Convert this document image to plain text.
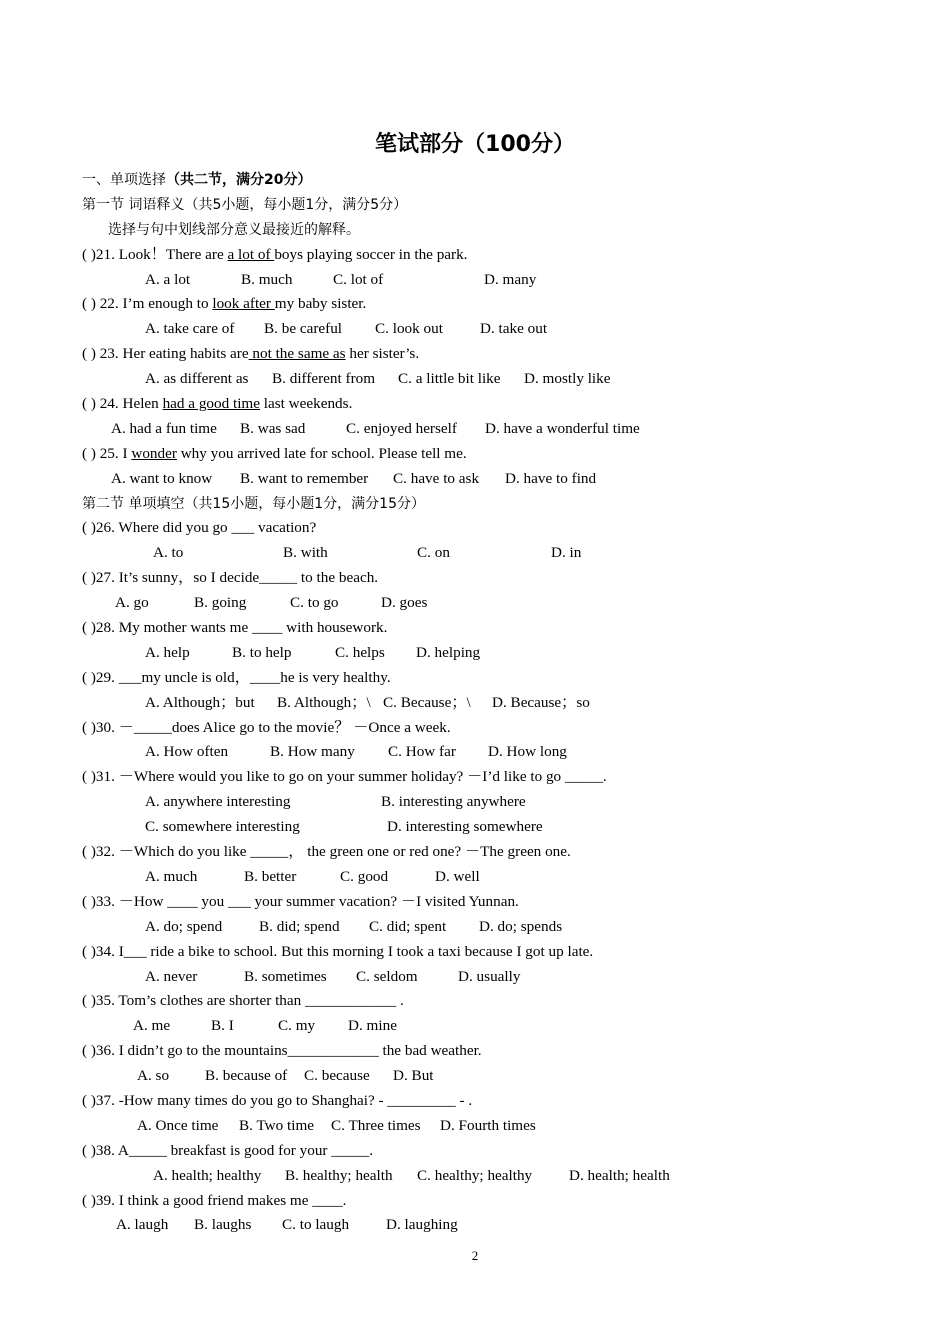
笔试部分（100分）
一、单项选择（共二节，满分20分）
第一节 词语释义（共5小题，每小题1分，满分5分）
选择与句中划线部分意义最接近的解释。
( )21. Look！There are a lot of boys playing soccer in the park.
A. a lot	B. much	C. lot of	D. many
( ) 22. I’m enough to look after my baby sister.
A. take care of B. be careful C. look out D. take out
( ) 23. Her eating habits are not the same as her sister’s.
A. as different as B. different from C. a little bit like D. mostly like
( ) 24. Helen had a good time last weekends.
A. had a fun time B. was sad	C. enjoyed herself D. have a wonderful time
( ) 25. I wonder why you arrived late for school. Please tell me.
A. want to know B. want to remember C. have to ask D. have to find
第二节 单项填空（共15小题，每小题1分，满分15分）
( )26. Where did you go ___ vacation?
A. to	B. with	C. on	D. in
( )27. It’s sunny，so I decide_____ to the beach.
A. go	B. going	C. to go	D. goes
( )28. My mother wants me ____ with housework.
A. help	B. to help	C. helps D. helping
( )29. ___my uncle is old，____he is very healthy.
A. Although；but B. Although；\ C. Because；\ D. Because；so
( )30. －_____does Alice go to the movie？ －Once a week.
A. How often	B. How many C. How far D. How long
( )31. －Where would you like to go on your summer holiday? －I’d like to go _____.
A. anywhere interesting	B. interesting anywhere
C. somewhere interesting	D. interesting somewhere
( )32. －Which do you like _____， the green one or red one? －The green one.
A. much	B. better	C. good	D. well
( )33. －How ____ you ___ your summer vacation? －I visited Yunnan.
A. do; spend B. did; spend C. did; spent D. do; spends
( )34. I___ ride a bike to school. But this morning I took a taxi because I got up late.
A. never	B. sometimes C. seldom	D. usually
( )35. Tom’s clothes are shorter than ____________ .
A. me	B. I	C. my D. mine
( )36. I didn’t go to the mountains____________ the bad weather.
A. so B. because of C. because D. But
( )37. -How many times do you go to Shanghai? - _________ - .
A. Once time B. Two time C. Three times D. Fourth times
( )38. A_____ breakfast is good for your _____.
A. health; healthy B. healthy; health C. healthy; healthy D. health; health
( )39. I think a good friend makes me ____.
A. laugh B. laughs C. to laugh D. laughing
2
